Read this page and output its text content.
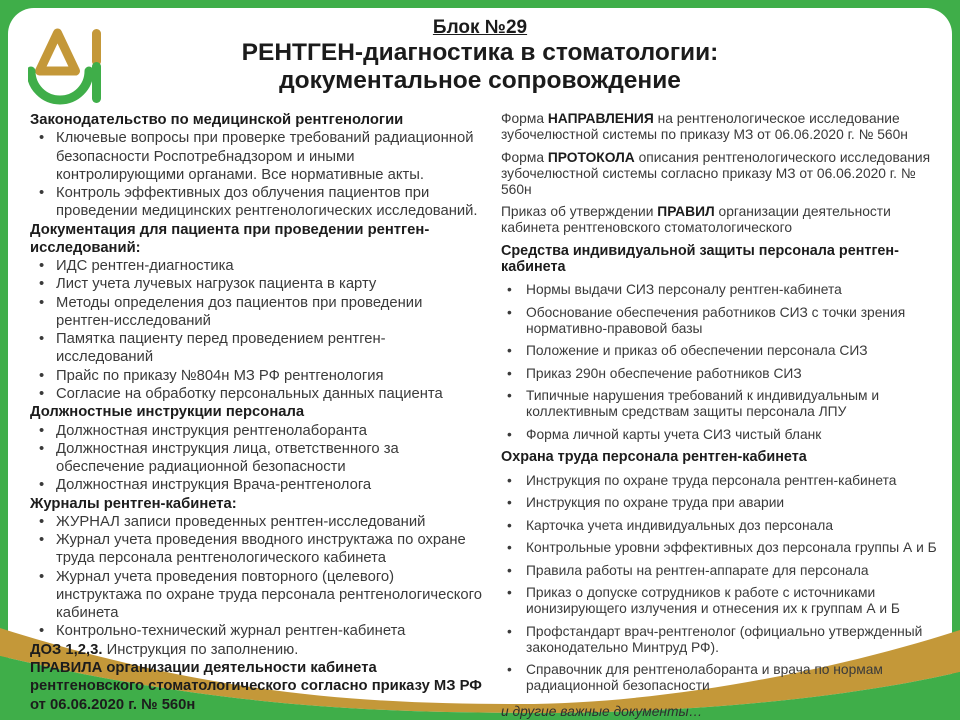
Блок №29
РЕНТГЕН-диагностика в стоматологии:
документальное сопровождение
Законодательство по медицинской рентгенологии
• Ключевые вопросы при проверке требований радиационной безопасности Роспотребнадзором и иными контролирующими органами. Все нормативные акты.
• Контроль эффективных доз облучения пациентов при проведении медицинских рентгенологических исследований.
Документация для пациента при проведении рентген-исследований:
• ИДС рентген-диагностика
• Лист учета лучевых нагрузок пациента в карту
• Методы определения доз пациентов при проведении рентген-исследований
• Памятка пациенту перед проведением рентген-исследований
• Прайс по приказу №804н МЗ РФ рентгенология
• Согласие на обработку персональных данных пациента
Должностные инструкции персонала
• Должностная инструкция рентгенолаборанта
• Должностная инструкция лица, ответственного за обеспечение радиационной безопасности
• Должностная инструкция Врача-рентгенолога
Журналы рентген-кабинета:
• ЖУРНАЛ записи проведенных рентген-исследований
• Журнал учета проведения вводного инструктажа по охране труда персонала рентгенологического кабинета
• Журнал учета проведения повторного (целевого) инструктажа по охране труда персонала рентгенологического кабинета
• Контрольно-технический журнал рентген-кабинета
ДОЗ 1,2,3. Инструкция по заполнению.
ПРАВИЛА организации деятельности кабинета рентгеновского стоматологического согласно приказу МЗ РФ от 06.06.2020 г. № 560н
Форма НАПРАВЛЕНИЯ на рентгенологическое исследование зубочелюстной системы по приказу МЗ от 06.06.2020 г. № 560н
Форма ПРОТОКОЛА описания рентгенологического исследования зубочелюстной системы согласно приказу МЗ от 06.06.2020 г. № 560н
Приказ об утверждении ПРАВИЛ организации деятельности кабинета рентгеновского стоматологического
Средства индивидуальной защиты персонала рентген-кабинета
•	Нормы выдачи СИЗ персоналу рентген-кабинета
•	Обоснование обеспечения работников СИЗ с точки зрения нормативно-правовой базы
•	Положение и приказ об обеспечении персонала СИЗ
•	Приказ 290н обеспечение работников СИЗ
•	Типичные нарушения требований к индивидуальным и коллективным средствам защиты персонала ЛПУ
•	Форма личной карты учета СИЗ чистый бланк
Охрана труда персонала рентген-кабинета
•	Инструкция по охране труда персонала рентген-кабинета
•	Инструкция по охране труда при аварии
•	Карточка учета индивидуальных доз персонала
•	Контрольные уровни эффективных доз персонала группы А и Б
•	Правила работы на рентген-аппарате для персонала
•	Приказ о допуске сотрудников к работе с источниками ионизирующего излучения и отнесения их к группам А и Б
•	Профстандарт врач-рентгенолог (официально утвержденный законодательно Минтруд РФ).
•	Справочник для рентгенолаборанта и врача по нормам радиационной безопасности
и другие важные документы…
